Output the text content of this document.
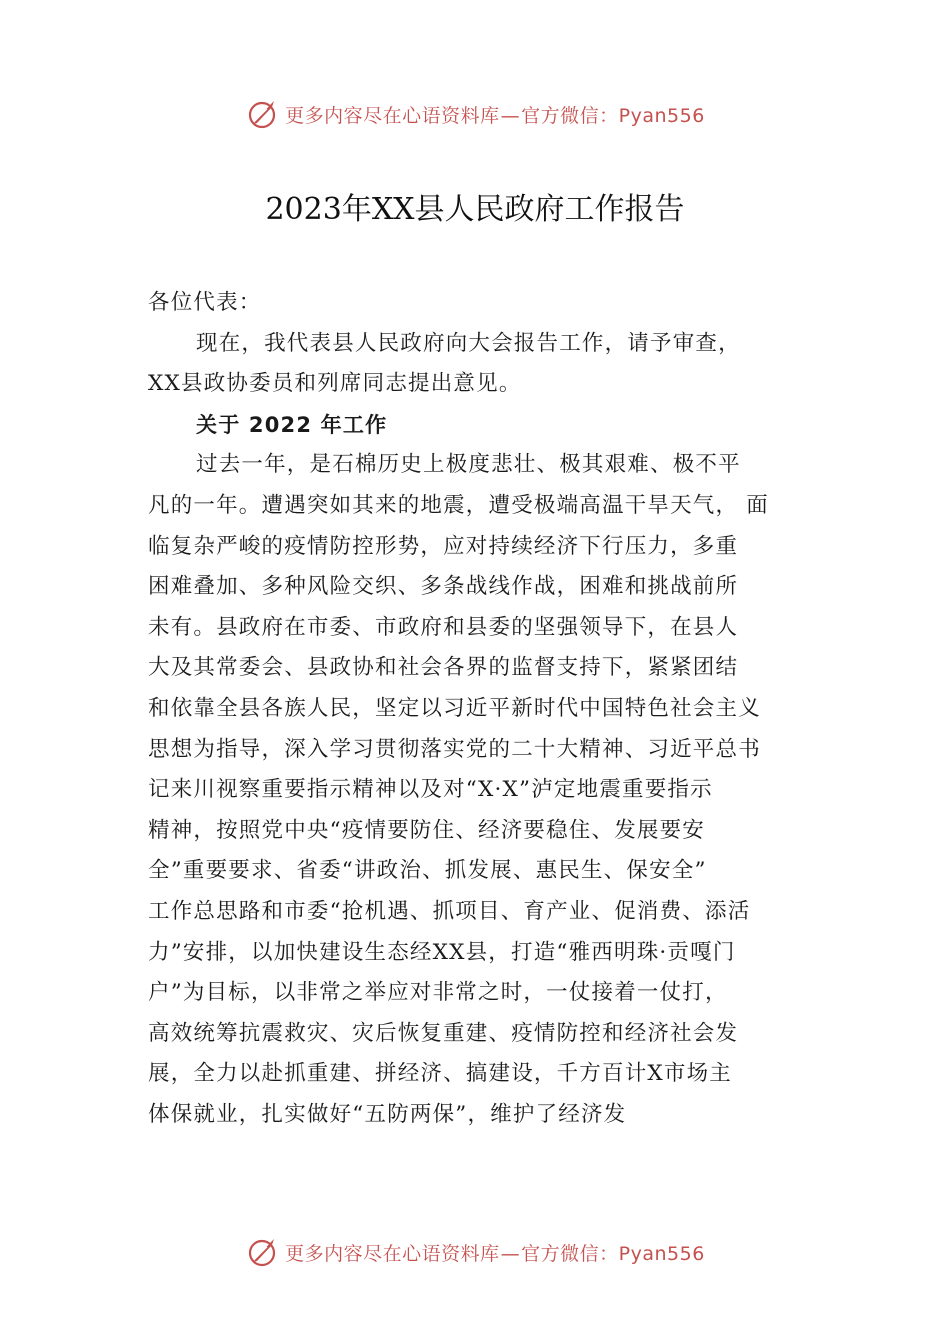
更多内容尽在心语资料库—官方微信：Pyan556
2023年XX县人民政府工作报告
各位代表：
现在，我代表县人民政府向大会报告工作，请予审查，
XX县政协委员和列席同志提出意见。
关于 2022 年工作
过去一年，是石棉历史上极度悲壮、极其艰难、极不平
凡的一年。遭遇突如其来的地震，遭受极端高温干旱天气， 面
临复杂严峻的疫情防控形势，应对持续经济下行压力，多重
困难叠加、多种风险交织、多条战线作战，困难和挑战前所
未有。县政府在市委、市政府和县委的坚强领导下，在县人
大及其常委会、县政协和社会各界的监督支持下，紧紧团结
和依靠全县各族人民，坚定以习近平新时代中国特色社会主义
思想为指导，深入学习贯彻落实党的二十大精神、习近平总书
记来川视察重要指示精神以及对“X·X”泸定地震重要指示
精神，按照党中央“疫情要防住、经济要稳住、发展要安
全”重要要求、省委“讲政治、抓发展、惠民生、保安全”
工作总思路和市委“抢机遇、抓项目、育产业、促消费、添活
力”安排，以加快建设生态经XX县，打造“雅西明珠·贡嘎门
户”为目标，以非常之举应对非常之时，一仗接着一仗打，
高效统筹抗震救灾、灾后恢复重建、疫情防控和经济社会发
展，全力以赴抓重建、拼经济、搞建设，千方百计X市场主
体保就业，扎实做好“五防两保”，维护了经济发
更多内容尽在心语资料库—官方微信：Pyan556
